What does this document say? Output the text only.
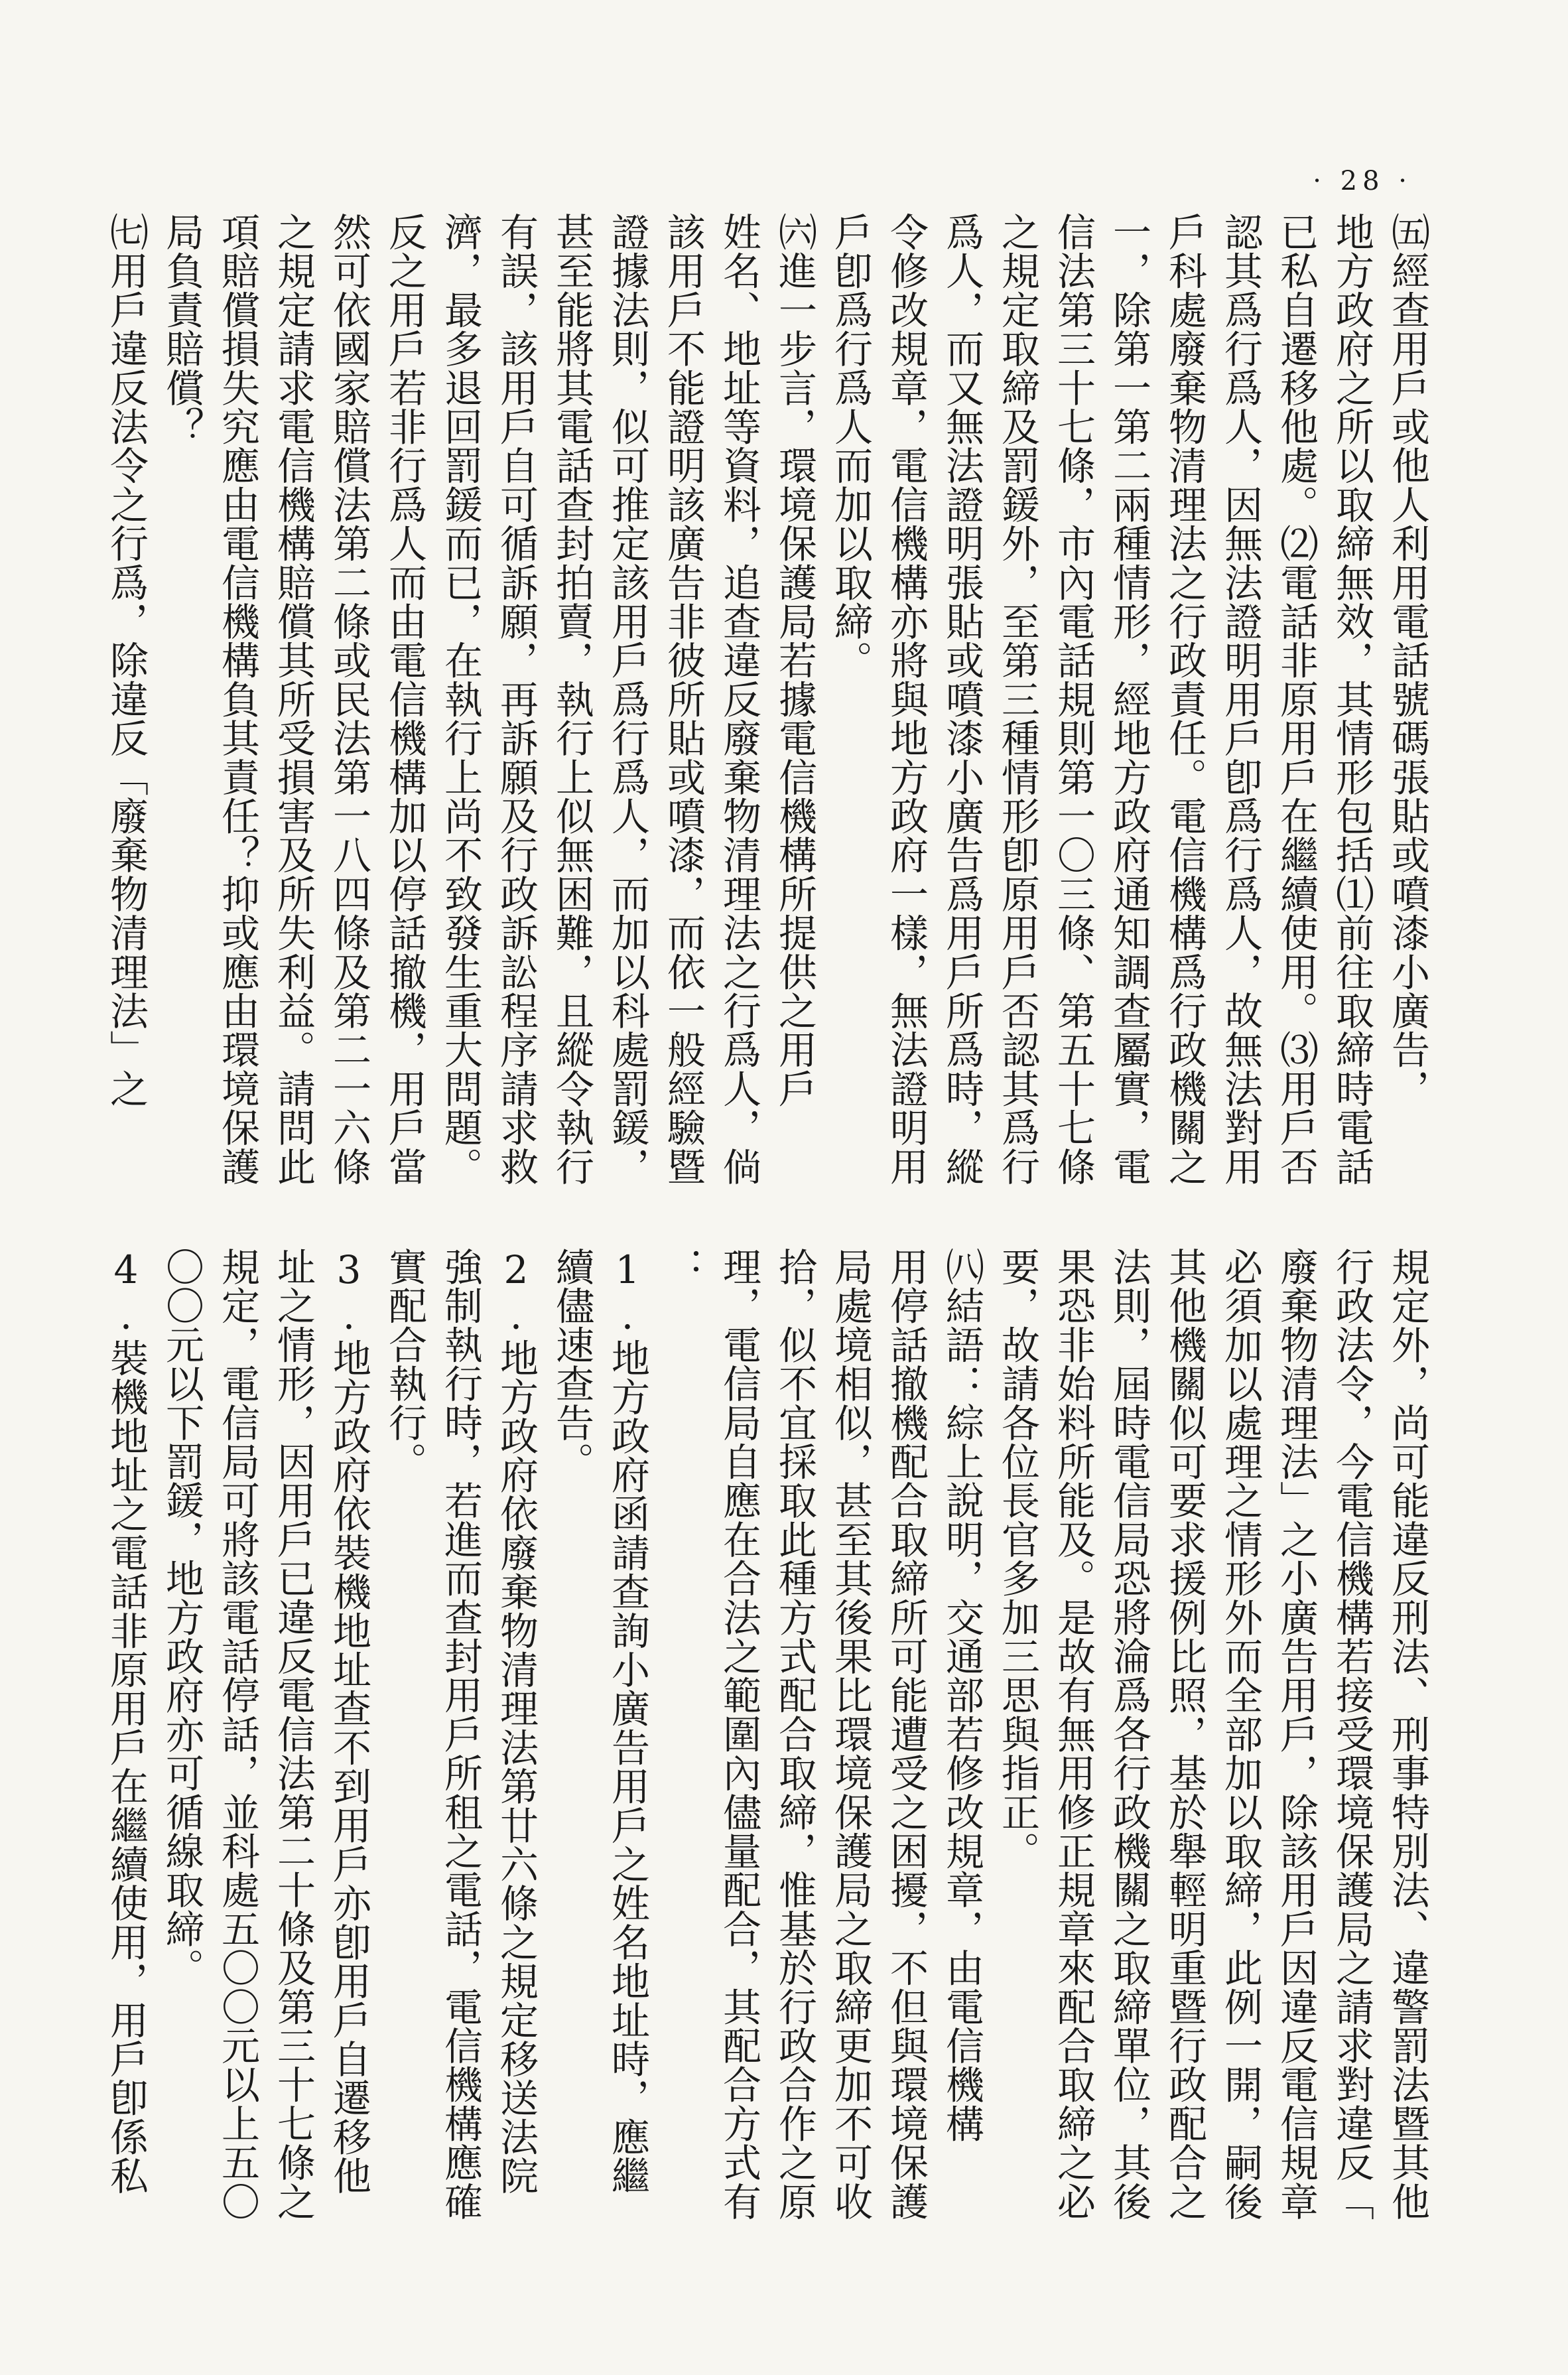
· 28 ·
㈤經查用戶或他人利用電話號碼張貼或噴漆小廣告，
地方政府之所以取締無效，其情形包括⑴前往取締時電話
已私自遷移他處。⑵電話非原用戶在繼續使用。⑶用戶否
認其爲行爲人，因無法證明用戶卽爲行爲人，故無法對用
戶科處廢棄物清理法之行政責任。電信機構爲行政機關之
一，除第一第二兩種情形，經地方政府通知調查屬實，電
信法第三十七條，市內電話規則第一〇三條、第五十七條
之規定取締及罰鍰外，至第三種情形卽原用戶否認其爲行
爲人，而又無法證明張貼或噴漆小廣告爲用戶所爲時，縱
令修改規章，電信機構亦將與地方政府一樣，無法證明用
戶卽爲行爲人而加以取締。
㈥進一步言，環境保護局若據電信機構所提供之用戶
姓名、地址等資料，追查違反廢棄物清理法之行爲人，倘
該用戶不能證明該廣告非彼所貼或噴漆，而依一般經驗暨
證據法則，似可推定該用戶爲行爲人，而加以科處罰鍰，
甚至能將其電話查封拍賣，執行上似無困難，且縱令執行
有誤，該用戶自可循訴願，再訴願及行政訴訟程序請求救
濟，最多退回罰鍰而已，在執行上尚不致發生重大問題。
反之用戶若非行爲人而由電信機構加以停話撤機，用戶當
然可依國家賠償法第二條或民法第一八四條及第二一六條
之規定請求電信機構賠償其所受損害及所失利益。請問此
項賠償損失究應由電信機構負其責任？抑或應由環境保護
局負責賠償？
㈦用戶違反法令之行爲，除違反「廢棄物清理法」之
規定外，尚可能違反刑法、刑事特別法、違警罰法暨其他
行政法令，今電信機構若接受環境保護局之請求對違反「
廢棄物清理法」之小廣告用戶，除該用戶因違反電信規章
必須加以處理之情形外而全部加以取締，此例一開，嗣後
其他機關似可要求援例比照，基於舉輕明重暨行政配合之
法則，屆時電信局恐將淪爲各行政機關之取締單位，其後
果恐非始料所能及。是故有無用修正規章來配合取締之必
要，故請各位長官多加三思與指正。
㈧結語：綜上說明，交通部若修改規章，由電信機構
用停話撤機配合取締所可能遭受之困擾，不但與環境保護
局處境相似，甚至其後果比環境保護局之取締更加不可收
拾，似不宜採取此種方式配合取締，惟基於行政合作之原
理，電信局自應在合法之範圍內儘量配合，其配合方式有
：
1.地方政府函請查詢小廣告用戶之姓名地址時，應繼
續儘速查告。
2.地方政府依廢棄物清理法第廿六條之規定移送法院
強制執行時，若進而查封用戶所租之電話，電信機構應確
實配合執行。
3.地方政府依裝機地址查不到用戶亦卽用戶自遷移他
址之情形，因用戶已違反電信法第二十條及第三十七條之
規定，電信局可將該電話停話，並科處五〇〇元以上五〇
〇〇元以下罰鍰，地方政府亦可循線取締。
4.裝機地址之電話非原用戶在繼續使用，用戶卽係私
